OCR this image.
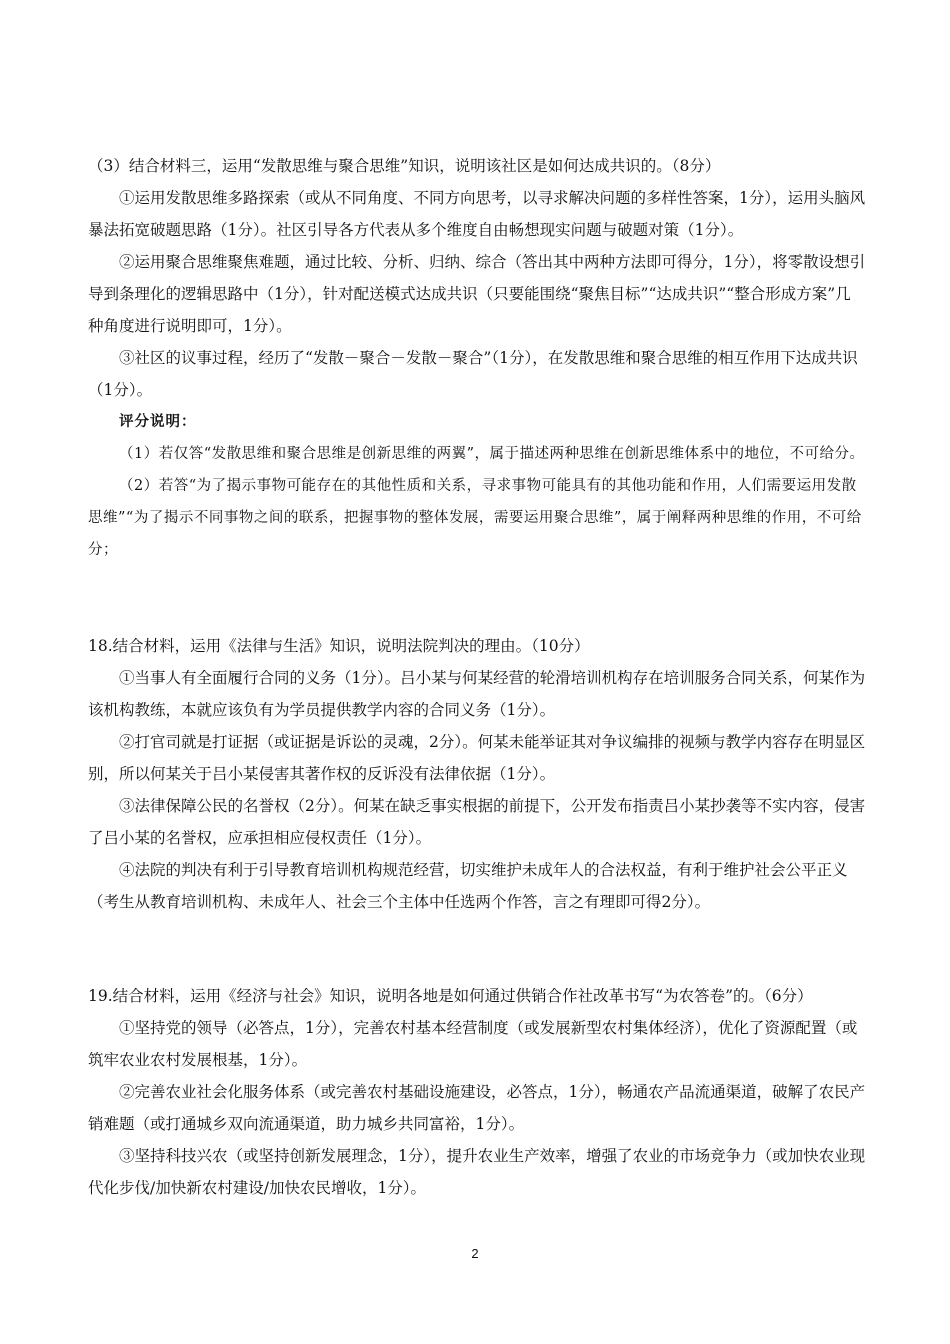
（3）结合材料三，运用“发散思维与聚合思维”知识，说明该社区是如何达成共识的。（8分）

①运用发散思维多路探索（或从不同角度、不同方向思考，以寻求解决问题的多样性答案，1分），运用头脑风暴法拓宽破题思路（1分）。社区引导各方代表从多个维度自由畅想现实问题与破题对策（1分）。

②运用聚合思维聚焦难题，通过比较、分析、归纳、综合（答出其中两种方法即可得分，1分），将零散设想引导到条理化的逻辑思路中（1分），针对配送模式达成共识（只要能围绕“聚焦目标”“达成共识”“整合形成方案”几种角度进行说明即可，1分）。

③社区的议事过程，经历了“发散－聚合－发散－聚合”（1分），在发散思维和聚合思维的相互作用下达成共识（1分）。

评分说明：

（1）若仅答“发散思维和聚合思维是创新思维的两翼”，属于描述两种思维在创新思维体系中的地位，不可给分。

（2）若答“为了揭示事物可能存在的其他性质和关系，寻求事物可能具有的其他功能和作用，人们需要运用发散思维”“为了揭示不同事物之间的联系，把握事物的整体发展，需要运用聚合思维”，属于阐释两种思维的作用，不可给分；

18.结合材料，运用《法律与生活》知识，说明法院判决的理由。（10分）

①当事人有全面履行合同的义务（1分）。吕小某与何某经营的轮滑培训机构存在培训服务合同关系，何某作为该机构教练，本就应该负有为学员提供教学内容的合同义务（1分）。

②打官司就是打证据（或证据是诉讼的灵魂，2分）。何某未能举证其对争议编排的视频与教学内容存在明显区别，所以何某关于吕小某侵害其著作权的反诉没有法律依据（1分）。

③法律保障公民的名誉权（2分）。何某在缺乏事实根据的前提下，公开发布指责吕小某抄袭等不实内容，侵害了吕小某的名誉权，应承担相应侵权责任（1分）。

④法院的判决有利于引导教育培训机构规范经营，切实维护未成年人的合法权益，有利于维护社会公平正义（考生从教育培训机构、未成年人、社会三个主体中任选两个作答，言之有理即可得2分）。

19.结合材料，运用《经济与社会》知识，说明各地是如何通过供销合作社改革书写“为农答卷”的。（6分）

①坚持党的领导（必答点，1分），完善农村基本经营制度（或发展新型农村集体经济），优化了资源配置（或筑牢农业农村发展根基，1分）。

②完善农业社会化服务体系（或完善农村基础设施建设，必答点，1分），畅通农产品流通渠道，破解了农民产销难题（或打通城乡双向流通渠道，助力城乡共同富裕，1分）。

③坚持科技兴农（或坚持创新发展理念，1分），提升农业生产效率，增强了农业的市场竞争力（或加快农业现代化步伐/加快新农村建设/加快农民增收，1分）。

2
